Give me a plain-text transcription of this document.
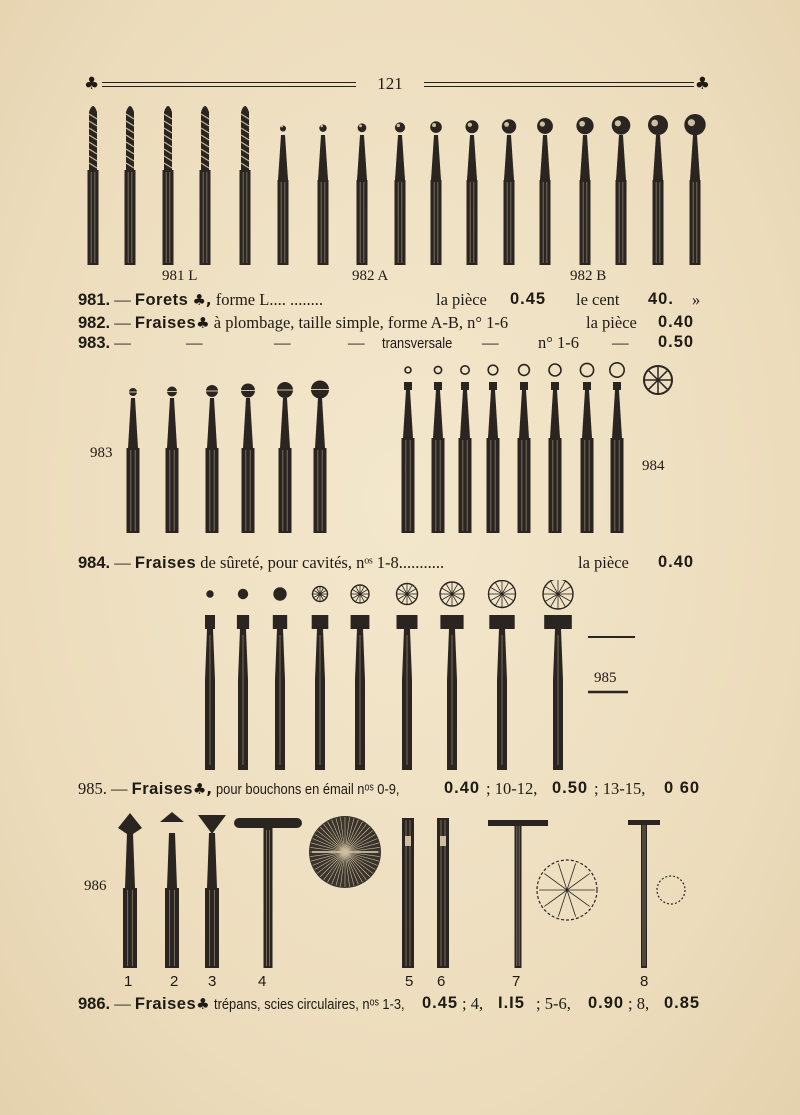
♣	121	♣
981 L	982 A	982 B
981. — Forets ♣, forme L.... ........	la pièce 0.45 le cent 40. »
982. — Fraises♣ à plombage, taille simple, forme A-B, n° 1-6	la pièce 0.40
983. —	—	—	— transversale — n° 1-6 — 0.50
983
984
984. — Fraises de sûreté, pour cavités, nᵒˢ 1-8...........	la pièce 0.40
985
985. — Fraises♣, pour bouchons en émail nᵒˢ 0-9,	0.40 ; 10-12, 0.50 ; 13-15, 0 60
986
1	2 3	4	5 6	7	8
986. — Fraises♣ trépans, scies circulaires, nᵒˢ 1-3, 0.45 ; 4, I.I5 ; 5-6, 0.90 ; 8, 0.85
